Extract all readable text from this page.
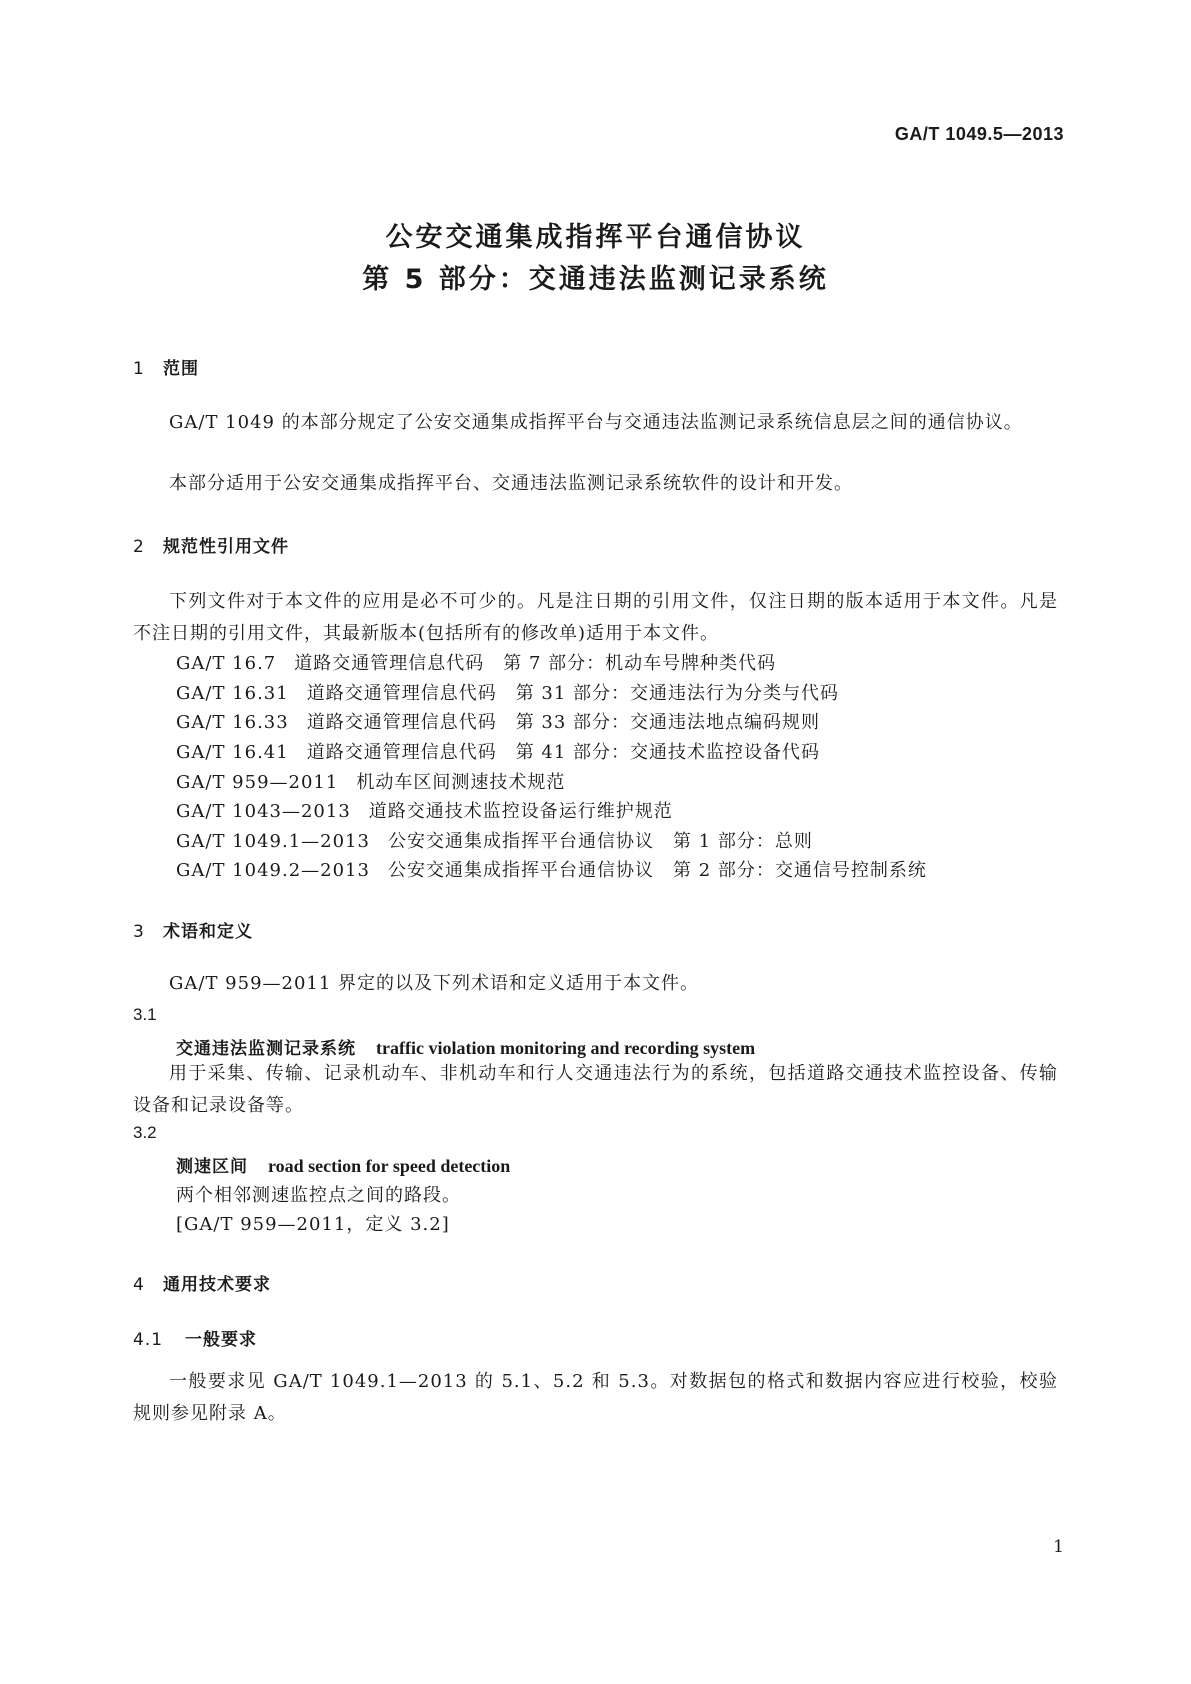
GA/T 1049.5—2013
公安交通集成指挥平台通信协议
第 5 部分：交通违法监测记录系统
1 范围
GA/T 1049 的本部分规定了公安交通集成指挥平台与交通违法监测记录系统信息层之间的通信协议。
本部分适用于公安交通集成指挥平台、交通违法监测记录系统软件的设计和开发。
2 规范性引用文件
下列文件对于本文件的应用是必不可少的。凡是注日期的引用文件，仅注日期的版本适用于本文件。凡是不注日期的引用文件，其最新版本(包括所有的修改单)适用于本文件。
GA/T 16.7 道路交通管理信息代码　第 7 部分：机动车号牌种类代码
GA/T 16.31 道路交通管理信息代码　第 31 部分：交通违法行为分类与代码
GA/T 16.33 道路交通管理信息代码　第 33 部分：交通违法地点编码规则
GA/T 16.41 道路交通管理信息代码　第 41 部分：交通技术监控设备代码
GA/T 959—2011 机动车区间测速技术规范
GA/T 1043—2013 道路交通技术监控设备运行维护规范
GA/T 1049.1—2013 公安交通集成指挥平台通信协议　第 1 部分：总则
GA/T 1049.2—2013 公安交通集成指挥平台通信协议　第 2 部分：交通信号控制系统
3 术语和定义
GA/T 959—2011 界定的以及下列术语和定义适用于本文件。
3.1
交通违法监测记录系统 traffic violation monitoring and recording system
用于采集、传输、记录机动车、非机动车和行人交通违法行为的系统，包括道路交通技术监控设备、传输设备和记录设备等。
3.2
测速区间 road section for speed detection
两个相邻测速监控点之间的路段。
[GA/T 959—2011，定义 3.2]
4 通用技术要求
4.1 一般要求
一般要求见 GA/T 1049.1—2013 的 5.1、5.2 和 5.3。对数据包的格式和数据内容应进行校验，校验规则参见附录 A。
1
